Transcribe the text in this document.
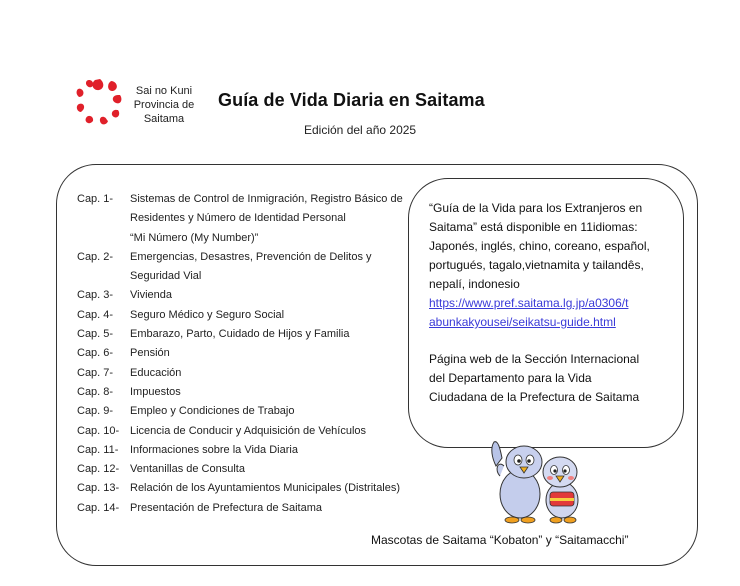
Sai no Kuni
Provincia de
Saitama
Guía de Vida Diaria en Saitama
Edición del año 2025
Cap. 1-	Sistemas de Control de Inmigración, Registro Básico de
Residentes y Número de Identidad Personal
“Mi Número (My Number)”
Cap. 2-	Emergencias, Desastres, Prevención de Delitos y
Seguridad Vial
Cap. 3-	Vivienda
Cap. 4-	Seguro Médico y Seguro Social
Cap. 5-	Embarazo, Parto, Cuidado de Hijos y Familia
Cap. 6-	Pensión
Cap. 7-	Educación
Cap. 8-	Impuestos
Cap. 9-	Empleo y Condiciones de Trabajo
Cap. 10- Licencia de Conducir y Adquisición de Vehículos
Cap. 11-	Informaciones sobre la Vida Diaria
Cap. 12- Ventanillas de Consulta
Cap. 13- Relación de los Ayuntamientos Municipales (Distritales)
Cap. 14- Presentación de Prefectura de Saitama

“Guía de la Vida para los Extranjeros en

Saitama” está disponible en 11idiomas:

Japonés, inglés, chino, coreano, español,

portugués, tagalo,vietnamita y tailandês,

nepalí, indonesio

https://www.pref.saitama.lg.jp/a0306/t

abunkakyousei/seikatsu-guide.html

Página web de la Sección Internacional

del Departamento para la Vida

Ciudadana de la Prefectura de Saitama

Mascotas de Saitama “Kobaton” y “Saitamacchi”
